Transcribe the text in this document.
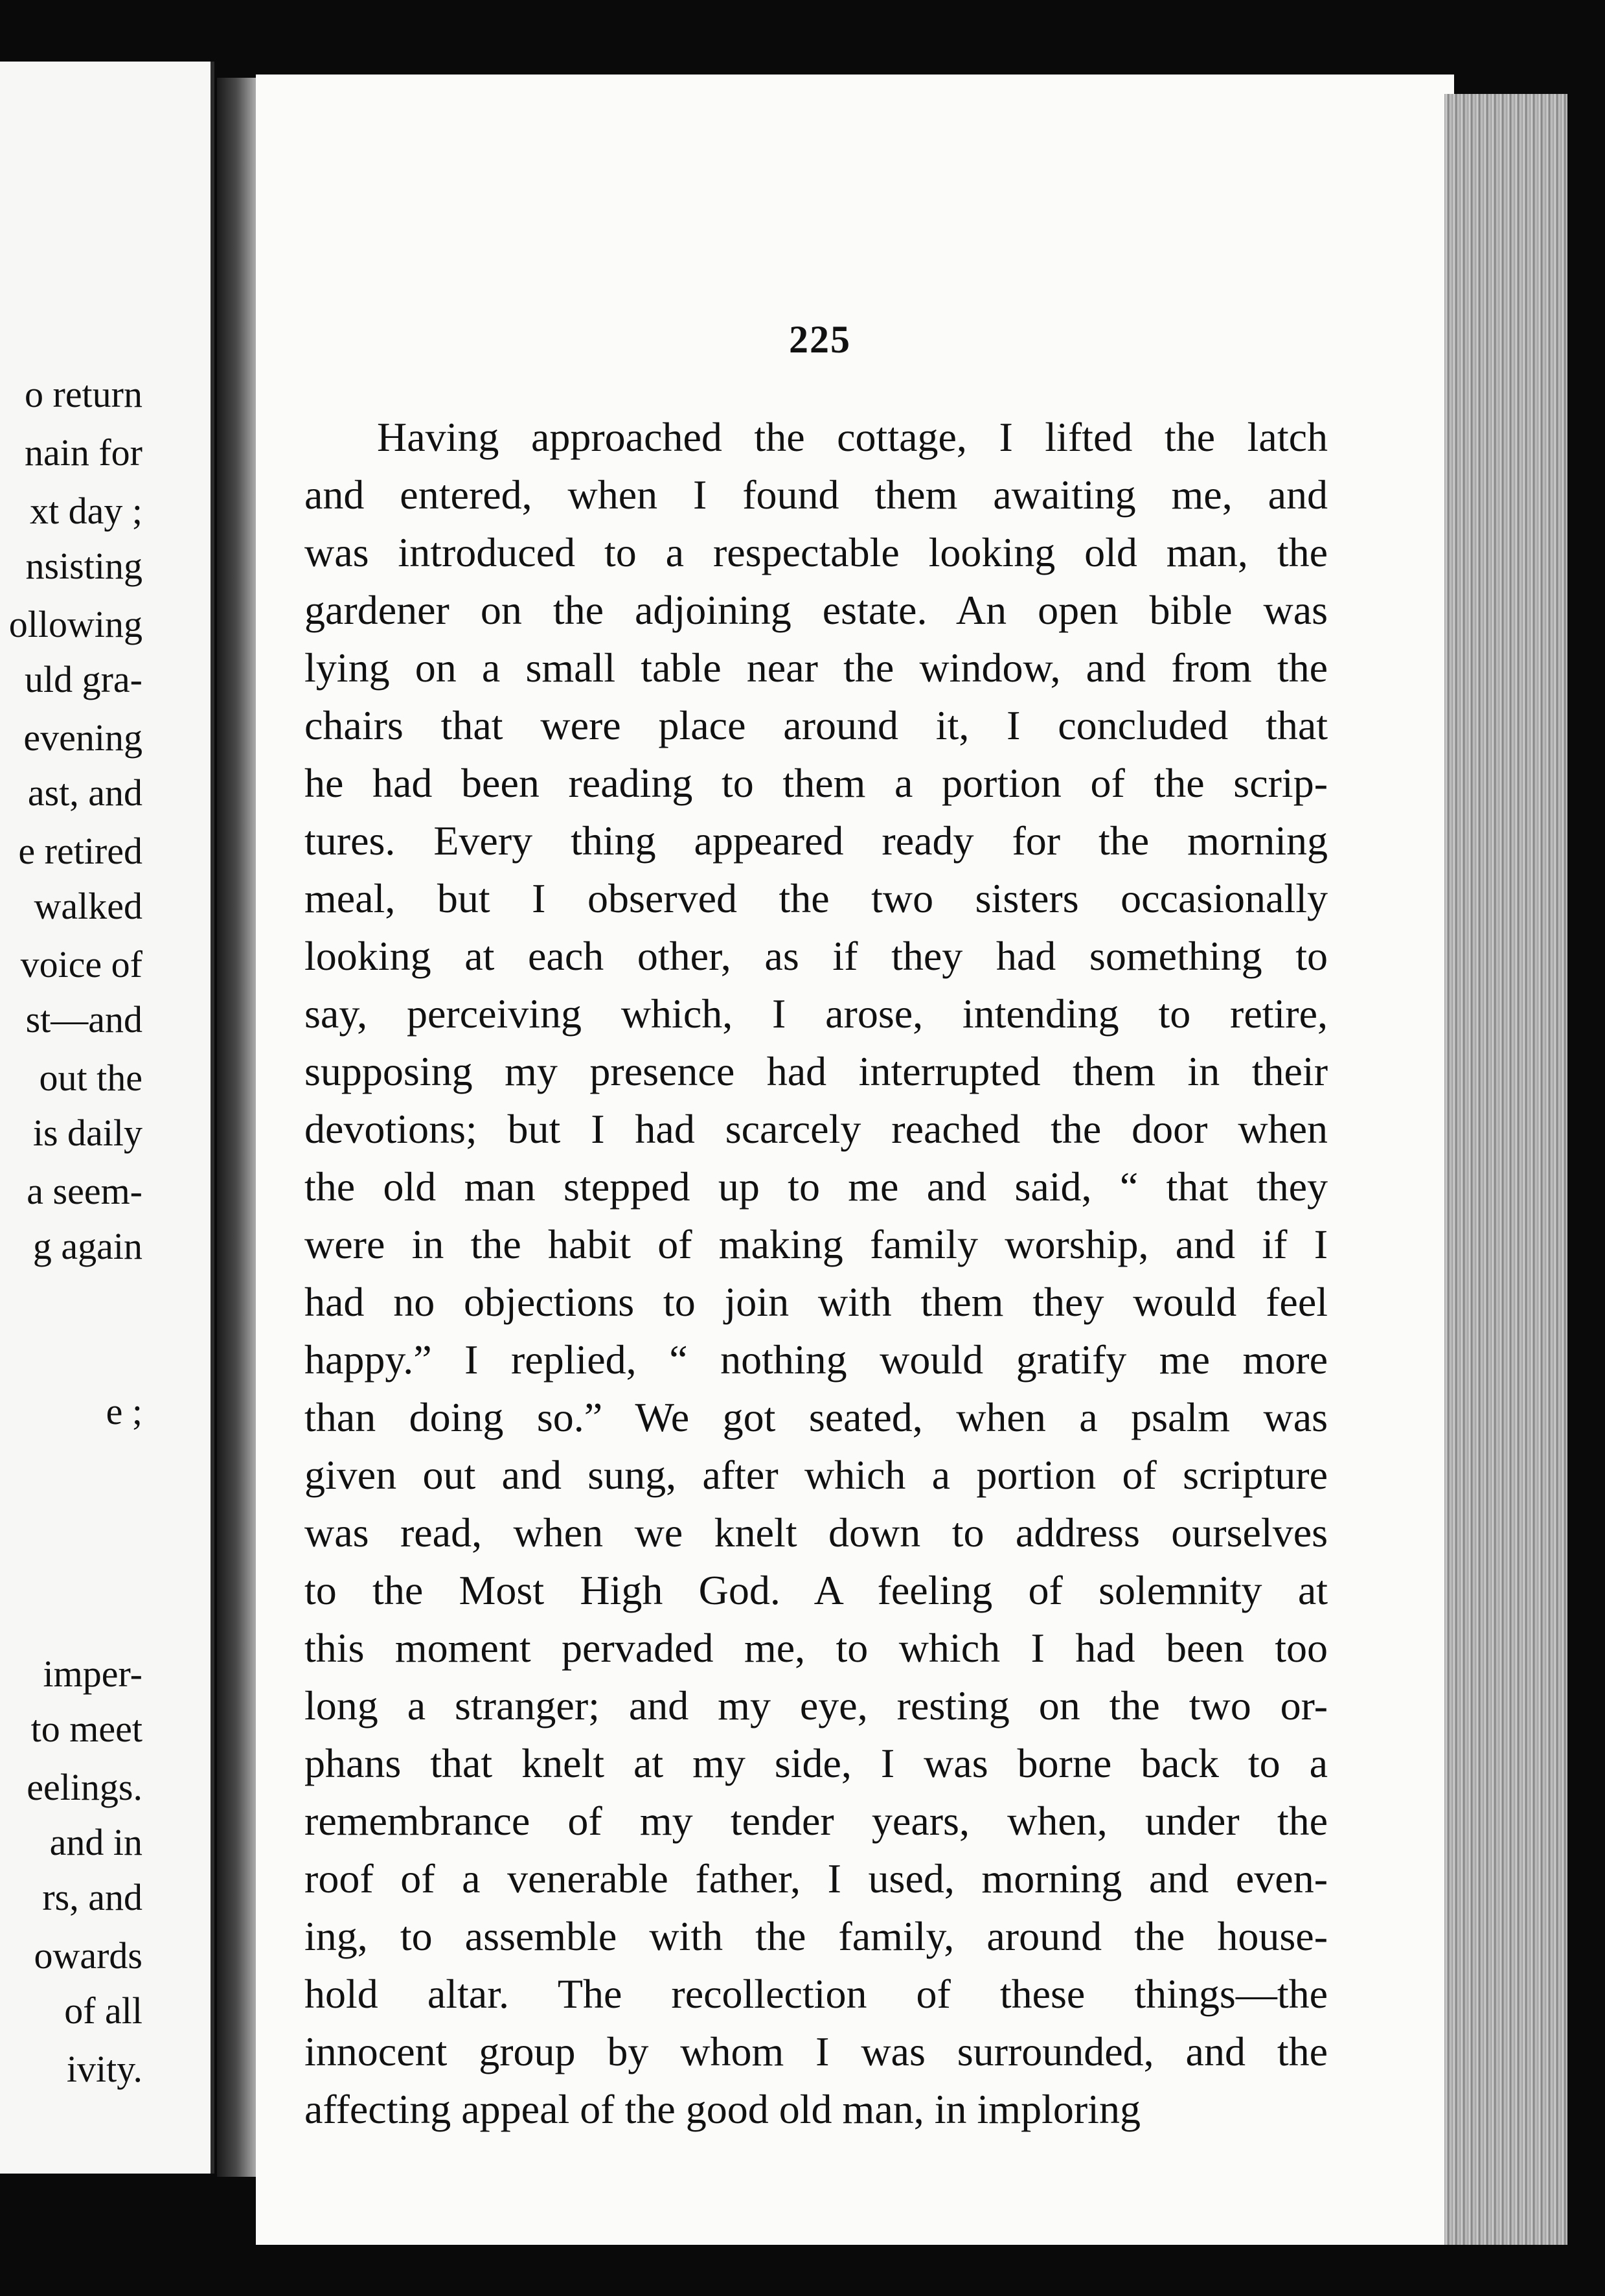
o return
nain for
xt day ;
nsisting
ollowing
uld gra-
evening
ast, and
e retired
walked
voice of
st—and
out the
is daily
a seem-
g again
e ;
imper-
to meet
eelings.
and in
rs, and
owards
of all
ivity.
225
Having approached the cottage, I lifted the latch
and entered, when I found them awaiting me, and
was introduced to a respectable looking old man, the
gardener on the adjoining estate. An open bible was
lying on a small table near the window, and from the
chairs that were place around it, I concluded that
he had been reading to them a portion of the scrip-
tures. Every thing appeared ready for the morning
meal, but I observed the two sisters occasionally
looking at each other, as if they had something to
say, perceiving which, I arose, intending to retire,
supposing my presence had interrupted them in their
devotions; but I had scarcely reached the door when
the old man stepped up to me and said, “ that they
were in the habit of making family worship, and if I
had no objections to join with them they would feel
happy.” I replied, “ nothing would gratify me more
than doing so.” We got seated, when a psalm was
given out and sung, after which a portion of scripture
was read, when we knelt down to address ourselves
to the Most High God. A feeling of solemnity at
this moment pervaded me, to which I had been too
long a stranger; and my eye, resting on the two or-
phans that knelt at my side, I was borne back to a
remembrance of my tender years, when, under the
roof of a venerable father, I used, morning and even-
ing, to assemble with the family, around the house-
hold altar. The recollection of these things—the
innocent group by whom I was surrounded, and the
affecting appeal of the good old man, in imploring
